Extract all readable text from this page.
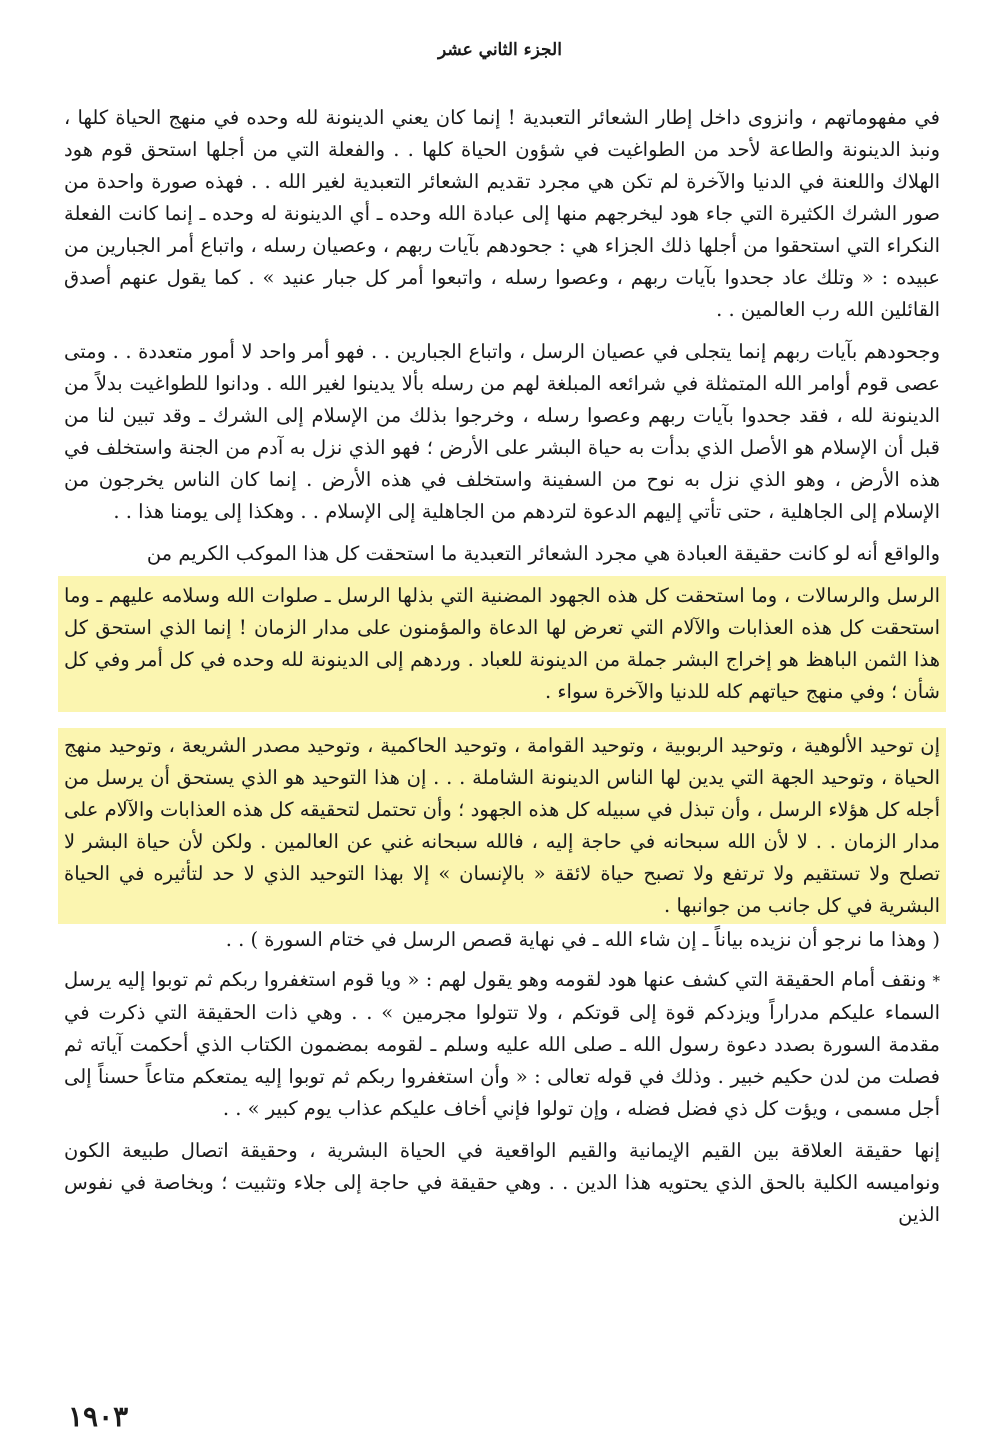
الجزء الثاني عشر

في مفهوماتهم ، وانزوى داخل إطار الشعائر التعبدية ! إنما كان يعني الدينونة لله وحده في منهج الحياة كلها ، ونبذ الدينونة والطاعة لأحد من الطواغيت في شؤون الحياة كلها . . والفعلة التي من أجلها استحق قوم هود الهلاك واللعنة في الدنيا والآخرة لم تكن هي مجرد تقديم الشعائر التعبدية لغير الله . . فهذه صورة واحدة من صور الشرك الكثيرة التي جاء هود ليخرجهم منها إلى عبادة الله وحده ـ أي الدينونة له وحده ـ إنما كانت الفعلة النكراء التي استحقوا من أجلها ذلك الجزاء هي : جحودهم بآيات ربهم ، وعصيان رسله ، واتباع أمر الجبارين من عبيده : « وتلك عاد جحدوا بآيات ربهم ، وعصوا رسله ، واتبعوا أمر كل جبار عنيد » . كما يقول عنهم أصدق القائلين الله رب العالمين . .

وجحودهم بآيات ربهم إنما يتجلى في عصيان الرسل ، واتباع الجبارين . . فهو أمر واحد لا أمور متعددة . . ومتى عصى قوم أوامر الله المتمثلة في شرائعه المبلغة لهم من رسله بألا يدينوا لغير الله . ودانوا للطواغيت بدلاً من الدينونة لله ، فقد جحدوا بآيات ربهم وعصوا رسله ، وخرجوا بذلك من الإسلام إلى الشرك ـ وقد تبين لنا من قبل أن الإسلام هو الأصل الذي بدأت به حياة البشر على الأرض ؛ فهو الذي نزل به آدم من الجنة واستخلف في هذه الأرض ، وهو الذي نزل به نوح من السفينة واستخلف في هذه الأرض . إنما كان الناس يخرجون من الإسلام إلى الجاهلية ، حتى تأتي إليهم الدعوة لتردهم من الجاهلية إلى الإسلام . . وهكذا إلى يومنا هذا . .

والواقع أنه لو كانت حقيقة العبادة هي مجرد الشعائر التعبدية ما استحقت كل هذا الموكب الكريم من

الرسل والرسالات ، وما استحقت كل هذه الجهود المضنية التي بذلها الرسل ـ صلوات الله وسلامه عليهم ـ وما استحقت كل هذه العذابات والآلام التي تعرض لها الدعاة والمؤمنون على مدار الزمان ! إنما الذي استحق كل هذا الثمن الباهظ هو إخراج البشر جملة من الدينونة للعباد . وردهم إلى الدينونة لله وحده في كل أمر وفي كل شأن ؛ وفي منهج حياتهم كله للدنيا والآخرة سواء .

إن توحيد الألوهية ، وتوحيد الربوبية ، وتوحيد القوامة ، وتوحيد الحاكمية ، وتوحيد مصدر الشريعة ، وتوحيد منهج الحياة ، وتوحيد الجهة التي يدين لها الناس الدينونة الشاملة . . . إن هذا التوحيد هو الذي يستحق أن يرسل من أجله كل هؤلاء الرسل ، وأن تبذل في سبيله كل هذه الجهود ؛ وأن تحتمل لتحقيقه كل هذه العذابات والآلام على مدار الزمان . . لا لأن الله سبحانه في حاجة إليه ، فالله سبحانه غني عن العالمين . ولكن لأن حياة البشر لا تصلح ولا تستقيم ولا ترتفع ولا تصبح حياة لائقة « بالإنسان » إلا بهذا التوحيد الذي لا حد لتأثيره في الحياة البشرية في كل جانب من جوانبها .

( وهذا ما نرجو أن نزيده بياناً ـ إن شاء الله ـ في نهاية قصص الرسل في ختام السورة ) . .

* ونقف أمام الحقيقة التي كشف عنها هود لقومه وهو يقول لهم : « ويا قوم استغفروا ربكم ثم توبوا إليه يرسل السماء عليكم مدراراً ويزدكم قوة إلى قوتكم ، ولا تتولوا مجرمين » . . وهي ذات الحقيقة التي ذكرت في مقدمة السورة بصدد دعوة رسول الله ـ صلى الله عليه وسلم ـ لقومه بمضمون الكتاب الذي أحكمت آياته ثم فصلت من لدن حكيم خبير . وذلك في قوله تعالى : « وأن استغفروا ربكم ثم توبوا إليه يمتعكم متاعاً حسناً إلى أجل مسمى ، ويؤت كل ذي فضل فضله ، وإن تولوا فإني أخاف عليكم عذاب يوم كبير » . .

إنها حقيقة العلاقة بين القيم الإيمانية والقيم الواقعية في الحياة البشرية ، وحقيقة اتصال طبيعة الكون ونواميسه الكلية بالحق الذي يحتويه هذا الدين . . وهي حقيقة في حاجة إلى جلاء وتثبيت ؛ وبخاصة في نفوس الذين

١٩٠٣
